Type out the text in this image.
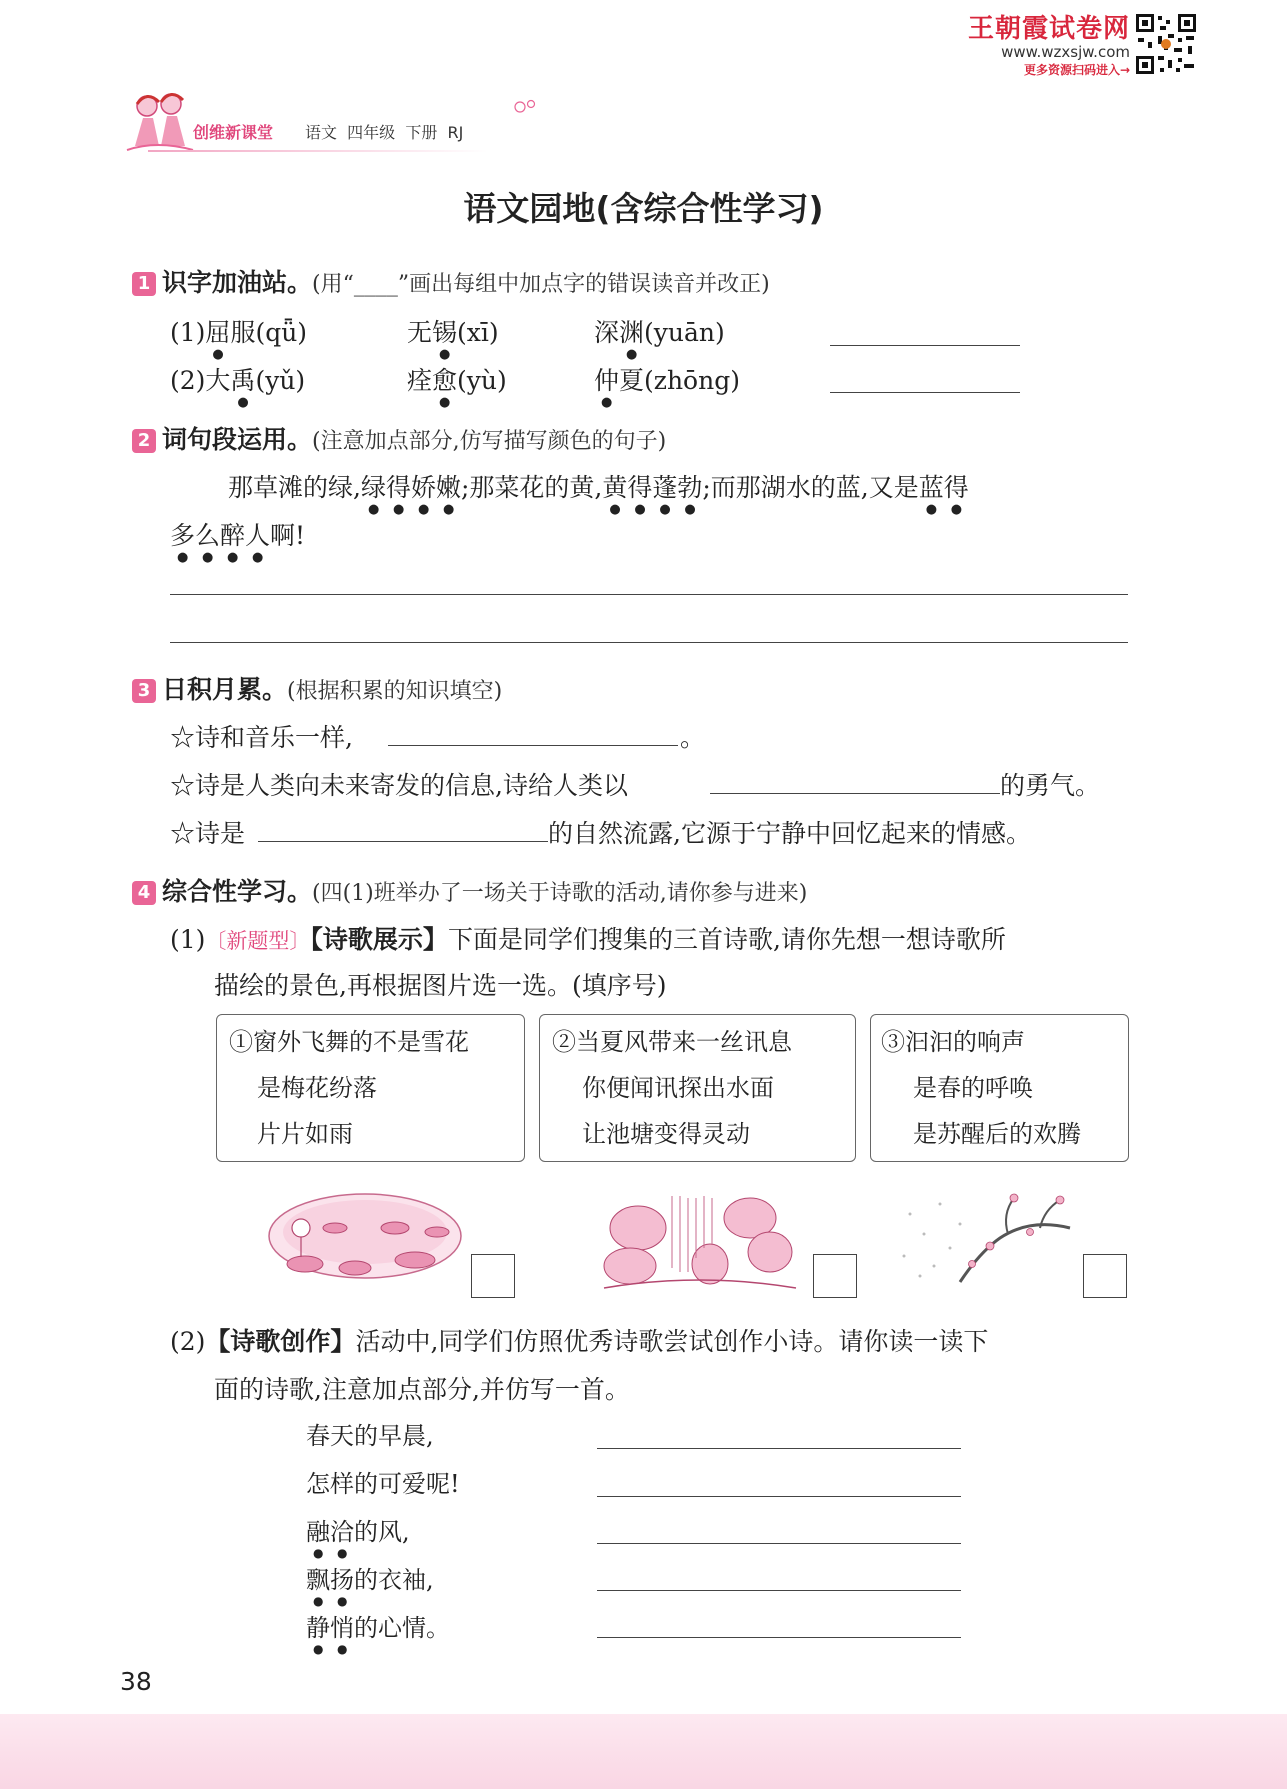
王朝霞试卷网
www.wzxsjw.com
更多资源扫码进入→
创维新课堂 语文  四年级  下册  RJ
语文园地(含综合性学习)
1 识字加油站。(用“____”画出每组中加点字的错误读音并改正)
(1)屈服(qǖ)	无锡(xī)	深渊(yuān)
(2)大禹(yǔ)	痊愈(yù)	仲夏(zhōng)
2 词句段运用。(注意加点部分,仿写描写颜色的句子)
那草滩的绿,绿得娇嫩;那菜花的黄,黄得蓬勃;而那湖水的蓝,又是蓝得
多么醉人啊!
3 日积月累。(根据积累的知识填空)
☆诗和音乐一样,	。
☆诗是人类向未来寄发的信息,诗给人类以	的勇气。
☆诗是	的自然流露,它源于宁静中回忆起来的情感。
4 综合性学习。(四(1)班举办了一场关于诗歌的活动,请你参与进来)
(1)〔新题型〕【诗歌展示】下面是同学们搜集的三首诗歌,请你先想一想诗歌所
描绘的景色,再根据图片选一选。(填序号)
①窗外飞舞的不是雪花
是梅花纷落
片片如雨
②当夏风带来一丝讯息
你便闻讯探出水面
让池塘变得灵动
③汩汩的响声
是春的呼唤
是苏醒后的欢腾
(2)【诗歌创作】活动中,同学们仿照优秀诗歌尝试创作小诗。请你读一读下
面的诗歌,注意加点部分,并仿写一首。
春天的早晨,
怎样的可爱呢!
融洽的风,
飘扬的衣袖,
静悄的心情。
38
